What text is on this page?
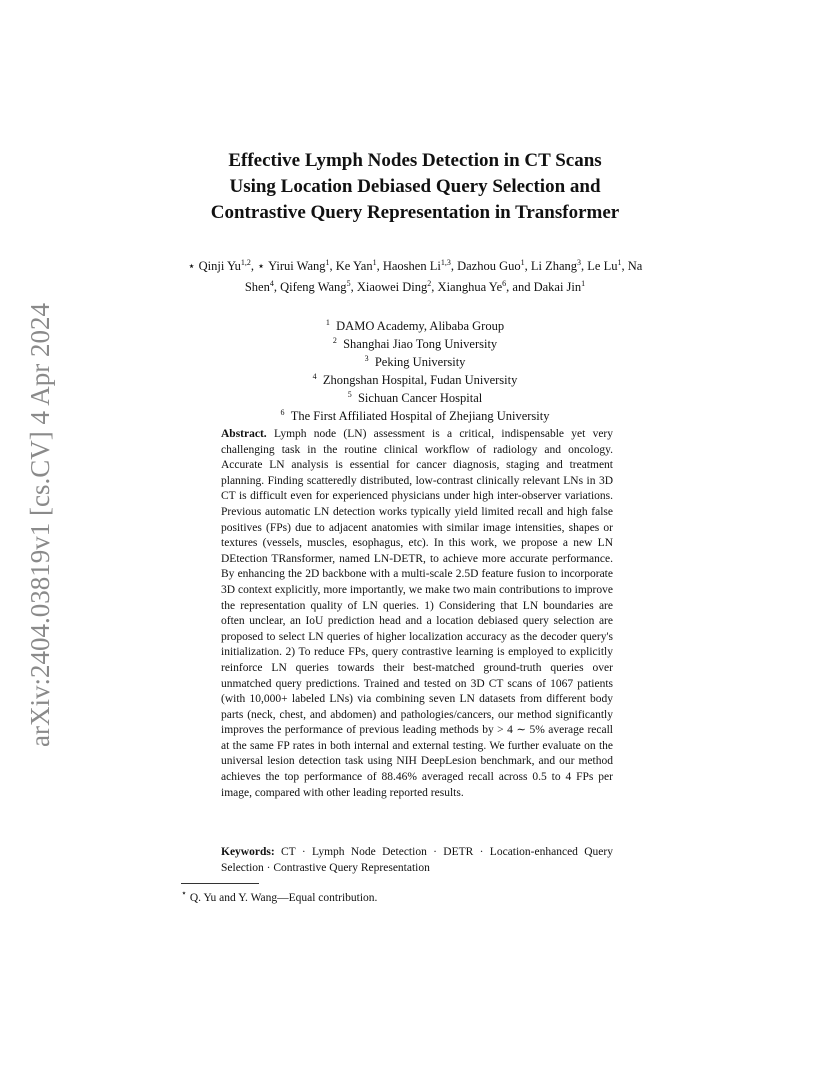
arXiv:2404.03819v1 [cs.CV] 4 Apr 2024
Effective Lymph Nodes Detection in CT Scans
Using Location Debiased Query Selection and
Contrastive Query Representation in Transformer
⋆ Qinji Yu$^{1,2}$, ⋆ Yirui Wang$^1$, Ke Yan$^1$, Haoshen Li$^{1,3}$, Dazhou Guo$^1$, Li Zhang$^3$, Le Lu$^1$, Na Shen$^4$, Qifeng Wang$^5$, Xiaowei Ding$^2$, Xianghua Ye$^6$, and Dakai Jin$^1$
$^1$  DAMO Academy, Alibaba Group
$^2$  Shanghai Jiao Tong University
$^3$  Peking University
$^4$  Zhongshan Hospital, Fudan University
$^5$  Sichuan Cancer Hospital
$^6$  The First Affiliated Hospital of Zhejiang University
Abstract. Lymph node (LN) assessment is a critical, indispensable yet very challenging task in the routine clinical workflow of radiology and oncology. Accurate LN analysis is essential for cancer diagnosis, staging and treatment planning. Finding scatteredly distributed, low-contrast clinically relevant LNs in 3D CT is difficult even for experienced physicians under high inter-observer variations. Previous automatic LN detection works typically yield limited recall and high false positives (FPs) due to adjacent anatomies with similar image intensities, shapes or textures (vessels, muscles, esophagus, etc). In this work, we propose a new LN DEtection TRansformer, named LN-DETR, to achieve more accurate performance. By enhancing the 2D backbone with a multi-scale 2.5D feature fusion to incorporate 3D context explicitly, more importantly, we make two main contributions to improve the representation quality of LN queries. 1) Considering that LN boundaries are often unclear, an IoU prediction head and a location debiased query selection are proposed to select LN queries of higher localization accuracy as the decoder query's initialization. 2) To reduce FPs, query contrastive learning is employed to explicitly reinforce LN queries towards their best-matched ground-truth queries over unmatched query predictions. Trained and tested on 3D CT scans of 1067 patients (with 10,000+ labeled LNs) via combining seven LN datasets from different body parts (neck, chest, and abdomen) and pathologies/cancers, our method significantly improves the performance of previous leading methods by > 4 ∼ 5% average recall at the same FP rates in both internal and external testing. We further evaluate on the universal lesion detection task using NIH DeepLesion benchmark, and our method achieves the top performance of 88.46% averaged recall across 0.5 to 4 FPs per image, compared with other leading reported results.
Keywords: CT · Lymph Node Detection · DETR · Location-enhanced Query Selection · Contrastive Query Representation
⋆ Q. Yu and Y. Wang—Equal contribution.
